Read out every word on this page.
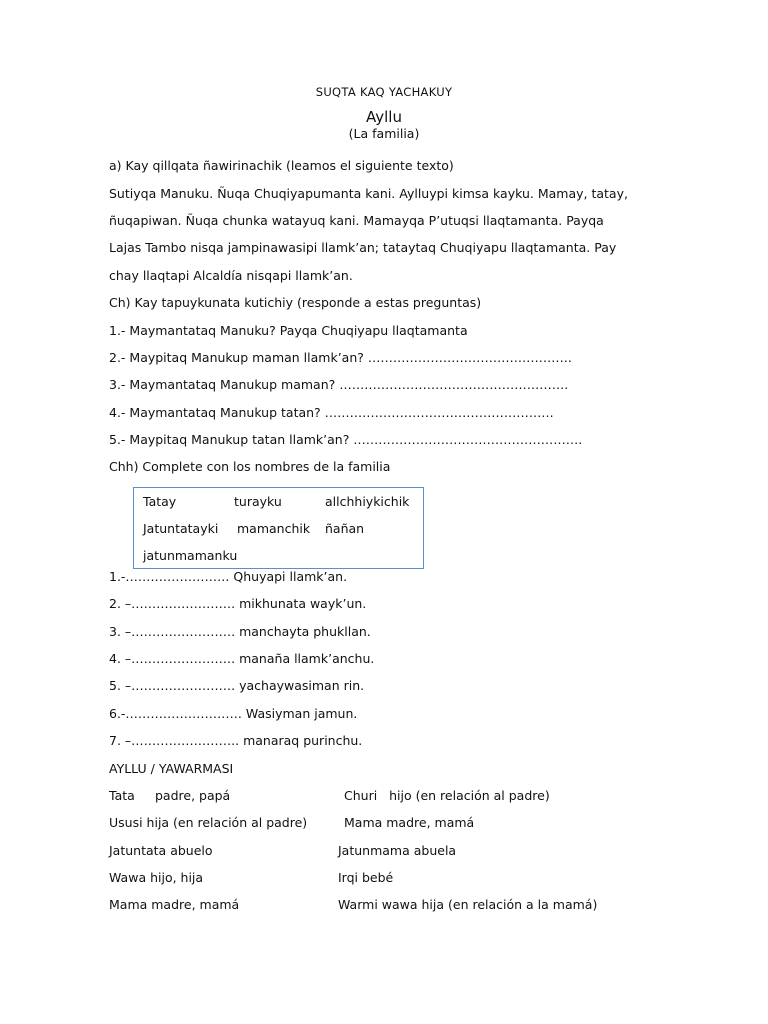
SUQTA KAQ YACHAKUY
Ayllu
(La familia)
a) Kay qillqata ñawirinachik (leamos el siguiente texto)
Sutiyqa Manuku. Ñuqa Chuqiyapumanta kani. Aylluypi kimsa kayku. Mamay, tatay,
ñuqapiwan. Ñuqa chunka watayuq kani. Mamayqa P’utuqsi llaqtamanta. Payqa
Lajas Tambo nisqa jampinawasipi llamk’an; tataytaq Chuqiyapu llaqtamanta. Pay
chay llaqtapi Alcaldía nisqapi llamk’an.
Ch) Kay tapuykunata kutichiy (responde a estas preguntas)
1.- Maymantataq Manuku? Payqa Chuqiyapu llaqtamanta
2.- Maypitaq Manukup maman llamk’an? ………………………………………….
3.- Maymantataq Manukup maman? ……………………………………………….
4.- Maymantataq Manukup tatan? ……………………………………………….
5.- Maypitaq Manukup tatan llamk’an? ……………………………………………….
Chh) Complete con los nombres de la familia
Tatay	turayku	allchhiykichik
Jatuntatayki mamanchik ñañan
jatunmamanku
1.-……………………. Qhuyapi llamk’an.
2. –……………………. mikhunata wayk’un.
3. –……………………. manchayta phukllan.
4. –……………………. manaña llamk’anchu.
5. –……………………. yachaywasiman rin.
6.-………………………. Wasiyman jamun.
7. –…………………….. manaraq purinchu.
AYLLU / YAWARMASI
Tata padre, papá	Churi   hijo (en relación al padre)
Ususi hija (en relación al padre)	Mama madre, mamá
Jatuntata abuelo	Jatunmama abuela
Wawa hijo, hija	Irqi bebé
Mama madre, mamá	Warmi wawa hija (en relación a la mamá)
